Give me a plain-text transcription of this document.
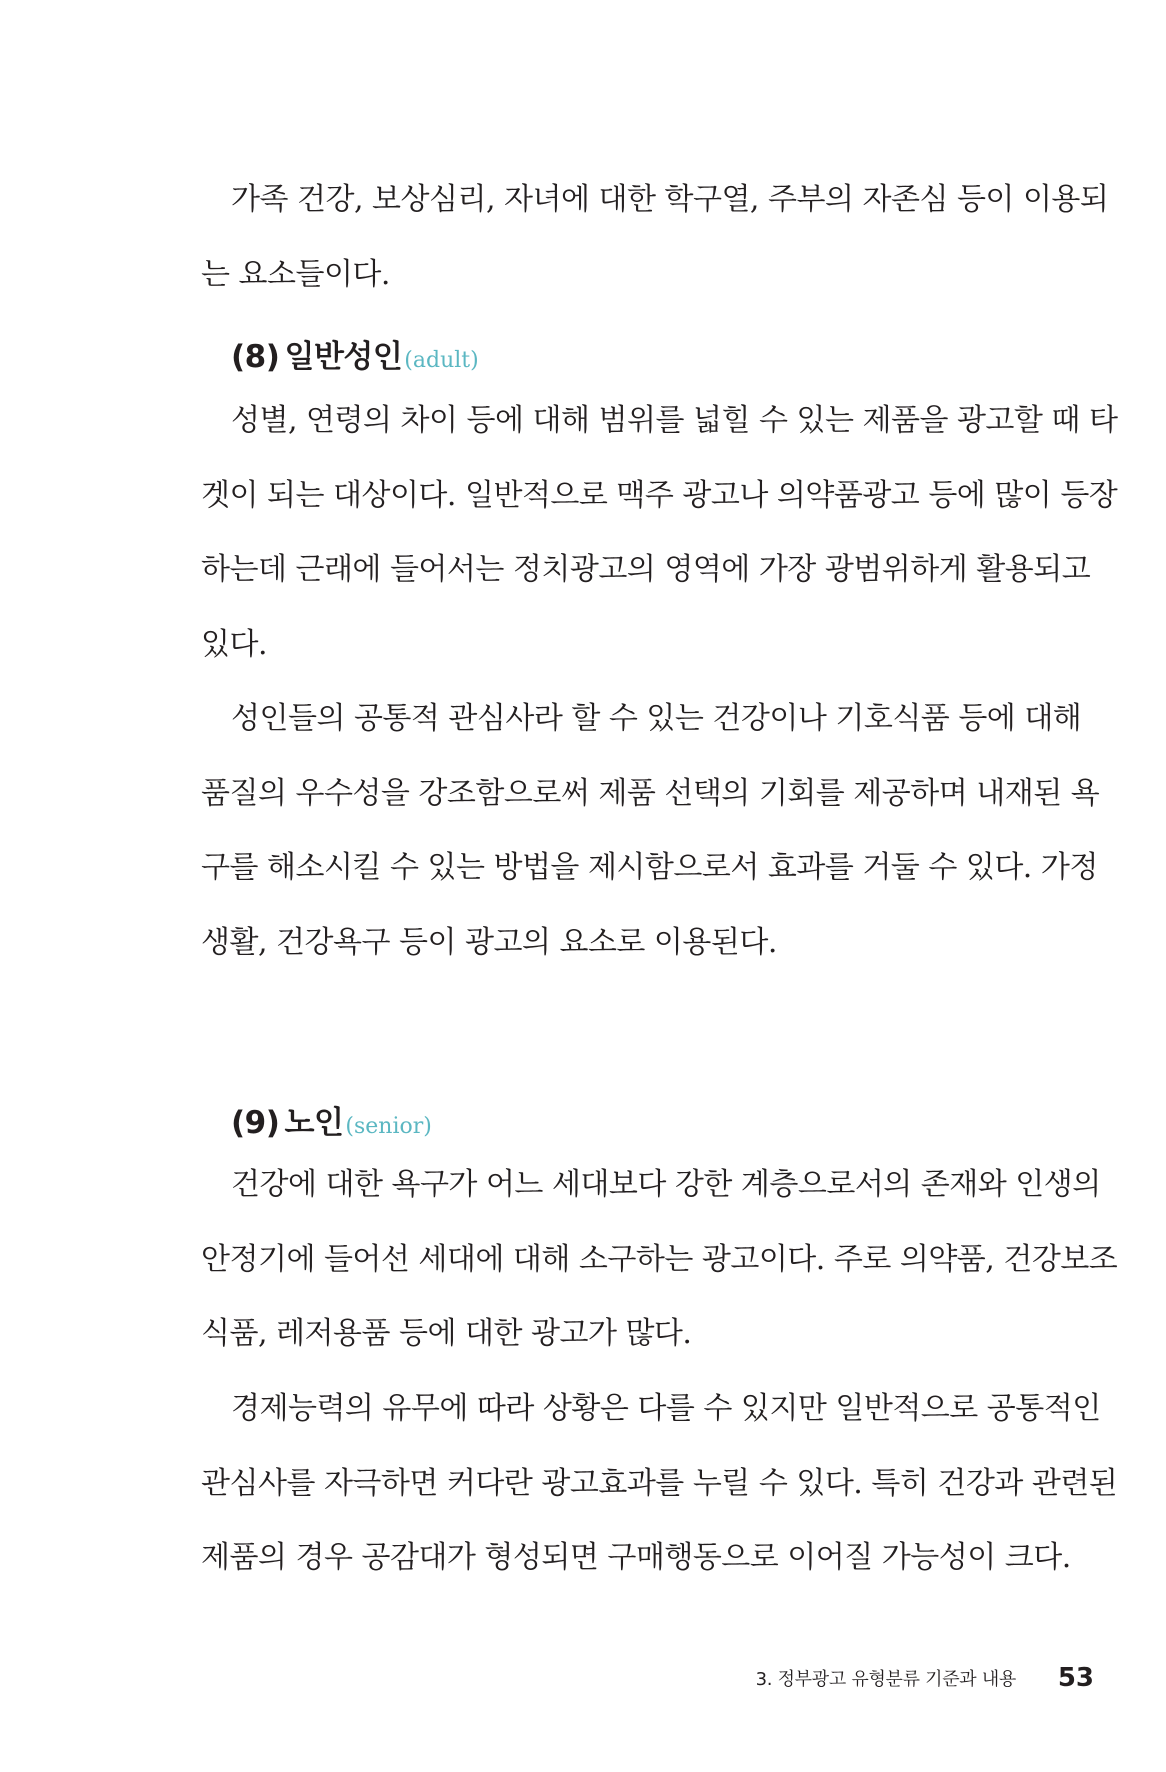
가족 건강, 보상심리, 자녀에 대한 학구열, 주부의 자존심 등이 이용되
는 요소들이다.
(8) 일반성인(adult)
성별, 연령의 차이 등에 대해 범위를 넓힐 수 있는 제품을 광고할 때 타
겟이 되는 대상이다. 일반적으로 맥주 광고나 의약품광고 등에 많이 등장
하는데 근래에 들어서는 정치광고의 영역에 가장 광범위하게 활용되고
있다.
성인들의 공통적 관심사라 할 수 있는 건강이나 기호식품 등에 대해
품질의 우수성을 강조함으로써 제품 선택의 기회를 제공하며 내재된 욕
구를 해소시킬 수 있는 방법을 제시함으로서 효과를 거둘 수 있다. 가정
생활, 건강욕구 등이 광고의 요소로 이용된다.
(9) 노인(senior)
건강에 대한 욕구가 어느 세대보다 강한 계층으로서의 존재와 인생의
안정기에 들어선 세대에 대해 소구하는 광고이다. 주로 의약품, 건강보조
식품, 레저용품 등에 대한 광고가 많다.
경제능력의 유무에 따라 상황은 다를 수 있지만 일반적으로 공통적인
관심사를 자극하면 커다란 광고효과를 누릴 수 있다. 특히 건강과 관련된
제품의 경우 공감대가 형성되면 구매행동으로 이어질 가능성이 크다.
3. 정부광고 유형분류 기준과 내용 53
